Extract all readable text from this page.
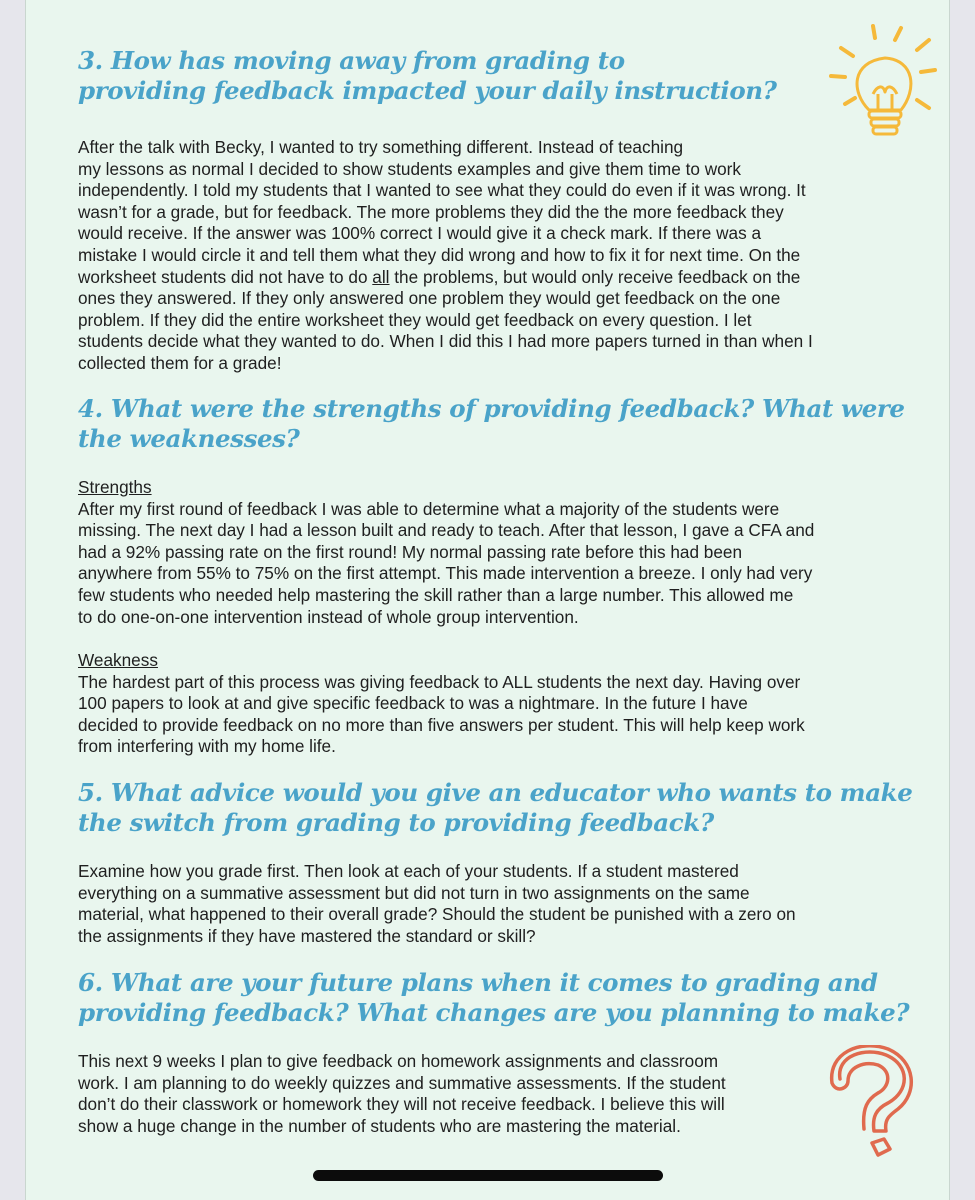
3. How has moving away from grading to
providing feedback impacted your daily instruction?
After the talk with Becky, I wanted to try something different. Instead of teaching
my lessons as normal I decided to show students examples and give them time to work
independently. I told my students that I wanted to see what they could do even if it was wrong. It
wasn’t for a grade, but for feedback. The more problems they did the the more feedback they
would receive. If the answer was 100% correct I would give it a check mark. If there was a
mistake I would circle it and tell them what they did wrong and how to fix it for next time. On the
worksheet students did not have to do all the problems, but would only receive feedback on the
ones they answered. If they only answered one problem they would get feedback on the one
problem. If they did the entire worksheet they would get feedback on every question. I let
students decide what they wanted to do. When I did this I had more papers turned in than when I
collected them for a grade!
4. What were the strengths of providing feedback? What were
the weaknesses?
Strengths
After my first round of feedback I was able to determine what a majority of the students were
missing. The next day I had a lesson built and ready to teach. After that lesson, I gave a CFA and
had a 92% passing rate on the first round! My normal passing rate before this had been
anywhere from 55% to 75% on the first attempt. This made intervention a breeze. I only had very
few students who needed help mastering the skill rather than a large number. This allowed me
to do one-on-one intervention instead of whole group intervention.
Weakness
The hardest part of this process was giving feedback to ALL students the next day. Having over
100 papers to look at and give specific feedback to was a nightmare. In the future I have
decided to provide feedback on no more than five answers per student. This will help keep work
from interfering with my home life.
5. What advice would you give an educator who wants to make
the switch from grading to providing feedback?
Examine how you grade first. Then look at each of your students. If a student mastered
everything on a summative assessment but did not turn in two assignments on the same
material, what happened to their overall grade? Should the student be punished with a zero on
the assignments if they have mastered the standard or skill?
6. What are your future plans when it comes to grading and
providing feedback? What changes are you planning to make?
This next 9 weeks I plan to give feedback on homework assignments and classroom
work. I am planning to do weekly quizzes and summative assessments. If the student
don’t do their classwork or homework they will not receive feedback. I believe this will
show a huge change in the number of students who are mastering the material.
